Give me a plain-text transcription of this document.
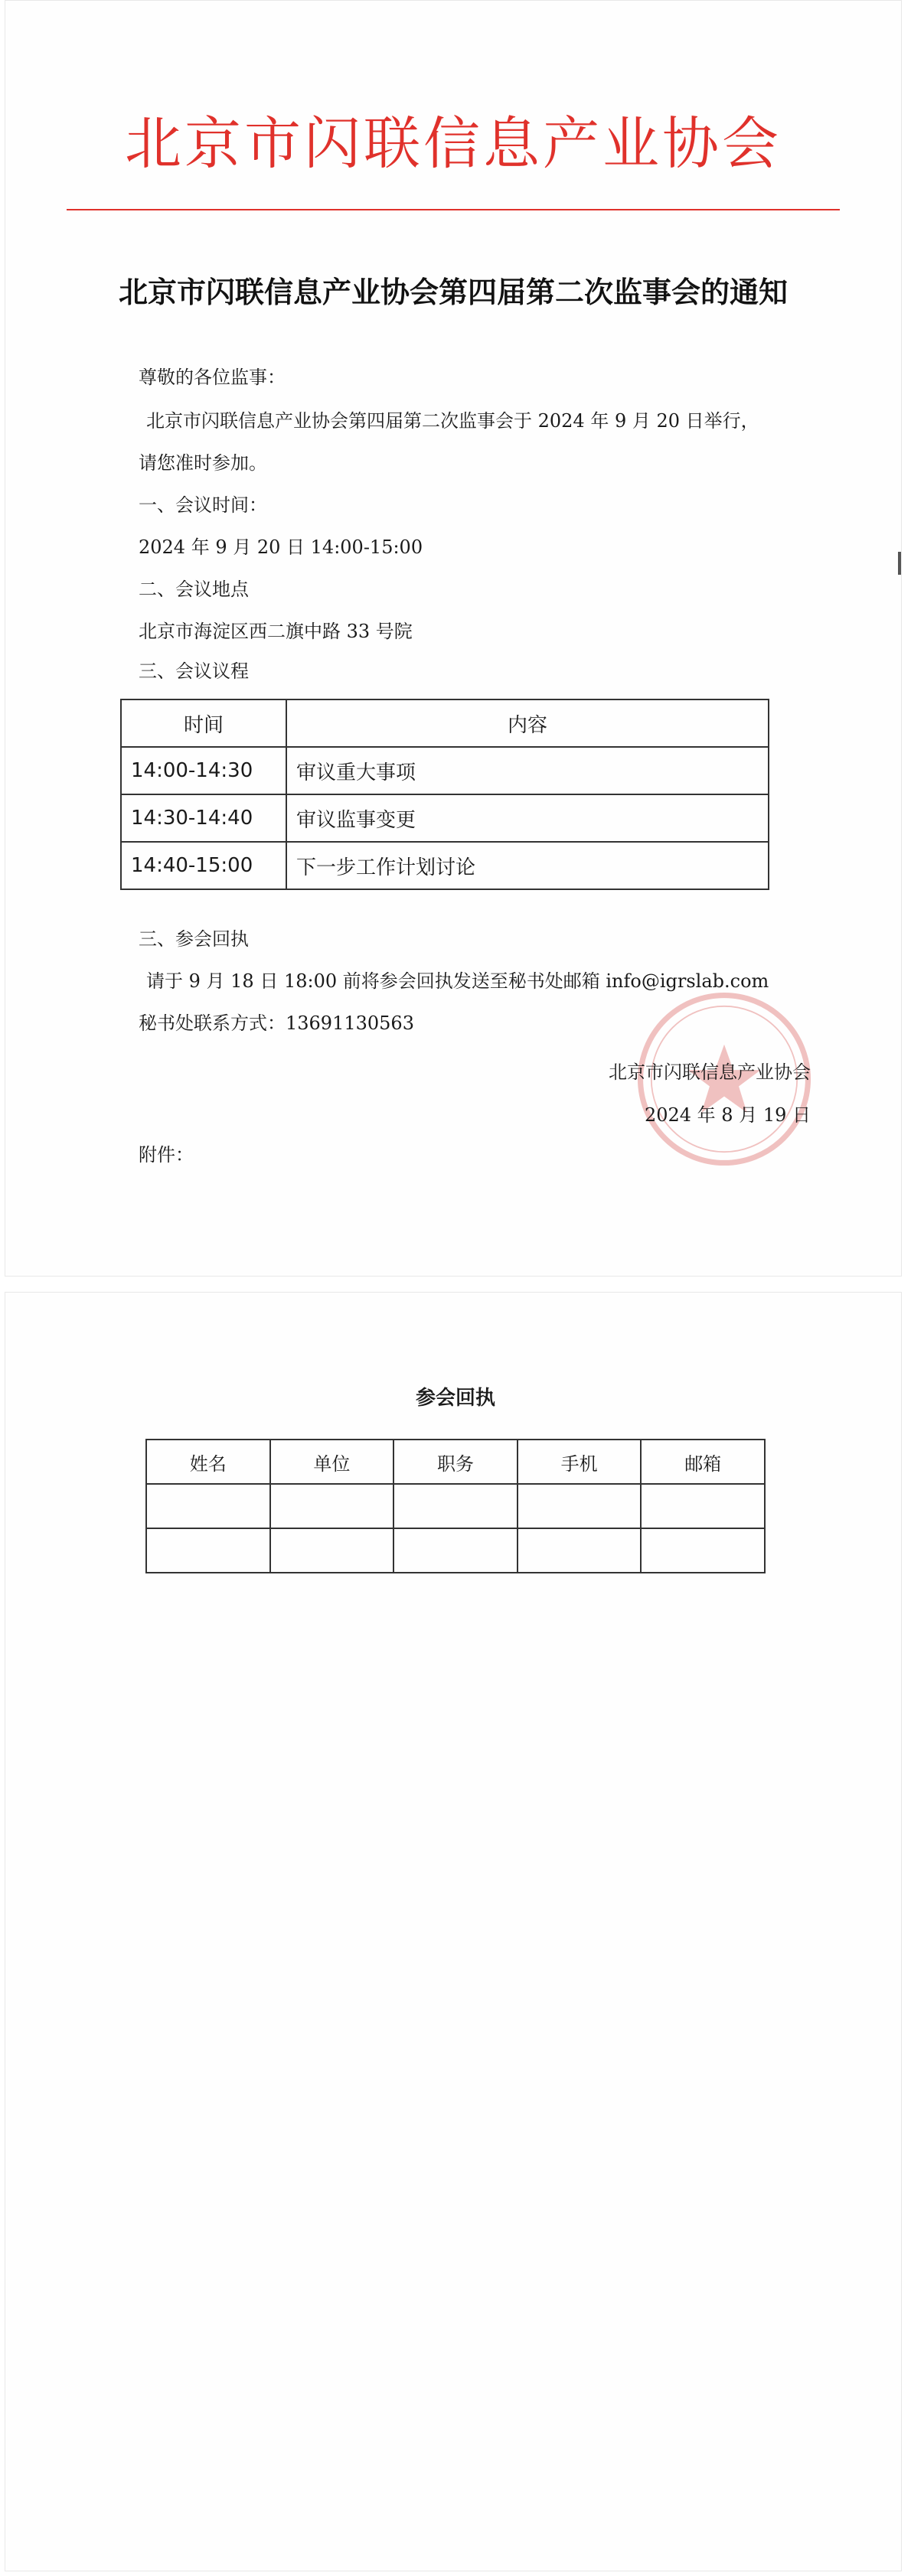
北京市闪联信息产业协会
北京市闪联信息产业协会第四届第二次监事会的通知
尊敬的各位监事：
北京市闪联信息产业协会第四届第二次监事会于 2024 年 9 月 20 日举行，
请您准时参加。
一、会议时间：
2024 年 9 月 20 日 14:00-15:00
二、会议地点
北京市海淀区西二旗中路 33 号院
三、会议议程
时间	内容
14:00-14:30	审议重大事项
14:30-14:40	审议监事变更
14:40-15:00	下一步工作计划讨论
三、参会回执
请于 9 月 18 日 18:00 前将参会回执发送至秘书处邮箱 info@igrslab.com
秘书处联系方式：13691130563
北京市闪联信息产业协会
2024 年 8 月 19 日
附件：
参会回执
姓名	单位	职务	手机	邮箱
